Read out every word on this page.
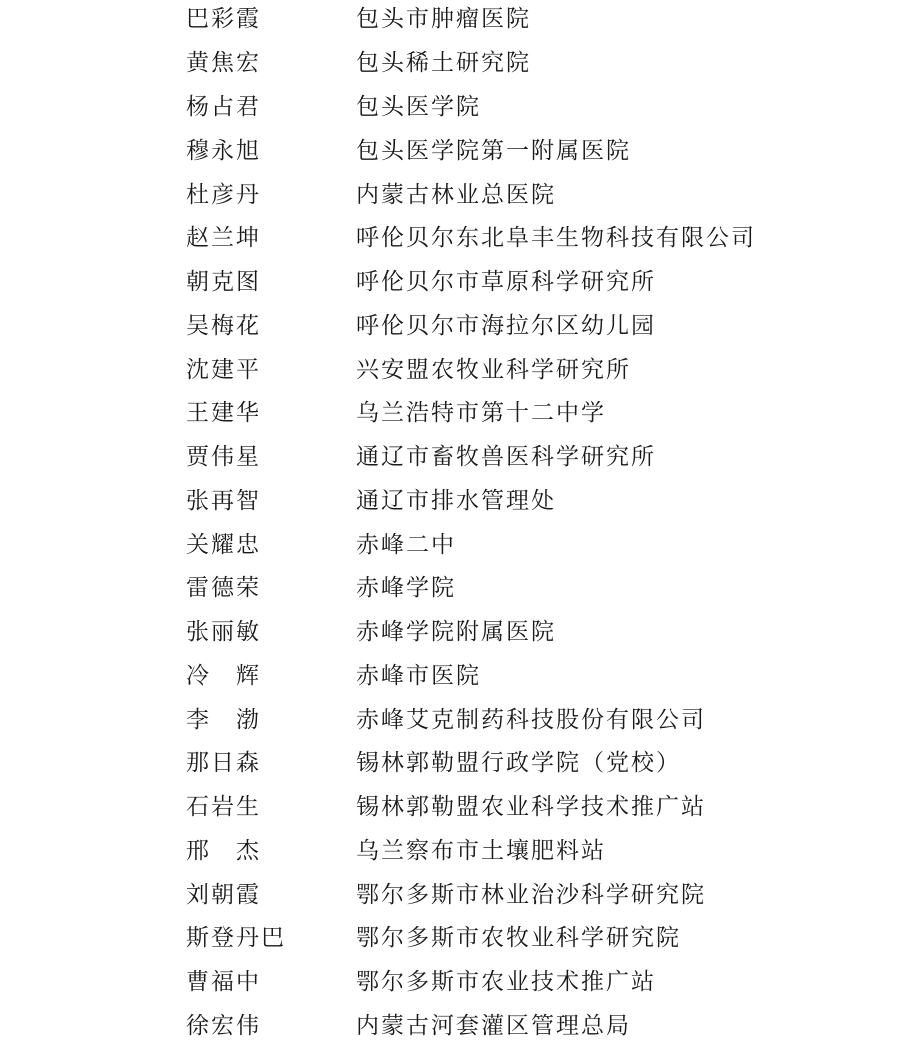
巴彩霞	包头市肿瘤医院
黄焦宏	包头稀土研究院
杨占君	包头医学院
穆永旭	包头医学院第一附属医院
杜彦丹	内蒙古林业总医院
赵兰坤	呼伦贝尔东北阜丰生物科技有限公司
朝克图	呼伦贝尔市草原科学研究所
吴梅花	呼伦贝尔市海拉尔区幼儿园
沈建平	兴安盟农牧业科学研究所
王建华	乌兰浩特市第十二中学
贾伟星	通辽市畜牧兽医科学研究所
张再智	通辽市排水管理处
关耀忠	赤峰二中
雷德荣	赤峰学院
张丽敏	赤峰学院附属医院
冷　辉	赤峰市医院
李　渤	赤峰艾克制药科技股份有限公司
那日森	锡林郭勒盟行政学院（党校）
石岩生	锡林郭勒盟农业科学技术推广站
邢　杰	乌兰察布市土壤肥料站
刘朝霞	鄂尔多斯市林业治沙科学研究院
斯登丹巴	鄂尔多斯市农牧业科学研究院
曹福中	鄂尔多斯市农业技术推广站
徐宏伟	内蒙古河套灌区管理总局
